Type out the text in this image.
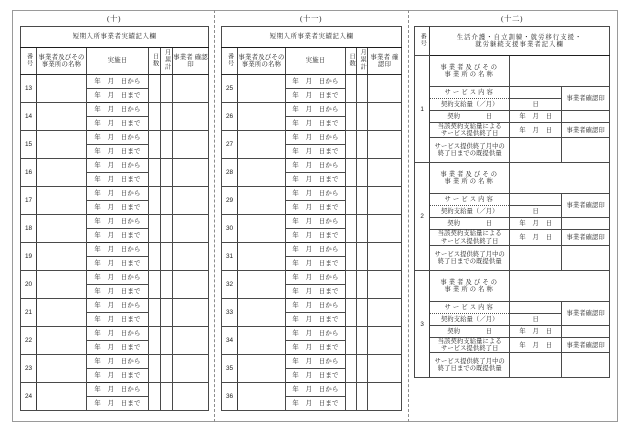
(十)
短期入所事業者実績記入欄					
番号	事業者及びその
事業所の名称	実施日	日数	月累計	事業者 確認印
13		年　月　日から			
		年　月　日まで			
14		年　月　日から			
		年　月　日まで			
15		年　月　日から			
		年　月　日まで			
16		年　月　日から			
		年　月　日まで			
17		年　月　日から			
		年　月　日まで			
18		年　月　日から			
		年　月　日まで			
19		年　月　日から			
		年　月　日まで			
20		年　月　日から			
		年　月　日まで			
21		年　月　日から			
		年　月　日まで			
22		年　月　日から			
		年　月　日まで			
23		年　月　日から			
		年　月　日まで			
24		年　月　日から			
		年　月　日まで			
(十一)
短期入所事業者実績記入欄					
番号	事業者及びその
事業所の名称	実施日	日数	月累計	事業者 確認印
25		年　月　日から			
		年　月　日まで			
26		年　月　日から			
		年　月　日まで			
27		年　月　日から			
		年　月　日まで			
28		年　月　日から			
		年　月　日まで			
29		年　月　日から			
		年　月　日まで			
30		年　月　日から			
		年　月　日まで			
31		年　月　日から			
		年　月　日まで			
32		年　月　日から			
		年　月　日まで			
33		年　月　日から			
		年　月　日まで			
34		年　月　日から			
		年　月　日まで			
35		年　月　日から			
		年　月　日まで			
36		年　月　日から			
		年　月　日まで			
(十二)
番号	生活介護・自立訓練・就労移行支援・
就労継続支援事業者記入欄		

1	事業者及びその
事業所の名称		

	サービス内容		事業者確認印
	契約支給量（／月）	日	
	契約　　　　日	年　月　日	

	当該契約支給量による
サービス提供終了日	年　月　日	事業者確認印

	サービス提供終了月中の
終了日までの既提供量		

2	事業者及びその
事業所の名称		

	サービス内容		事業者確認印
	契約支給量（／月）	日	
	契約　　　　日	年　月　日	

	当該契約支給量による
サービス提供終了日	年　月　日	事業者確認印

	サービス提供終了月中の
終了日までの既提供量		

3	事業者及びその
事業所の名称		

	サービス内容		事業者確認印
	契約支給量（／月）	日	
	契約　　　　日	年　月　日	

	当該契約支給量による
サービス提供終了日	年　月　日	事業者確認印

	サービス提供終了月中の
終了日までの既提供量		
